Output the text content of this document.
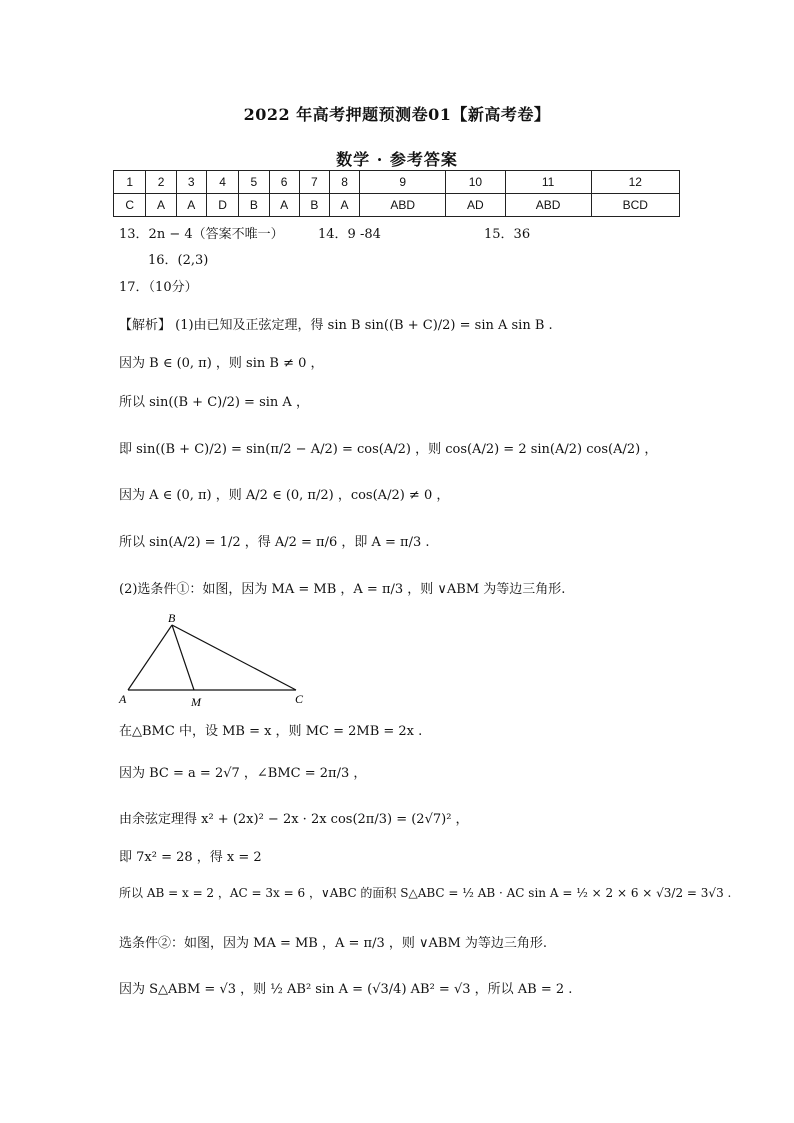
2022 年高考押题预测卷01【新高考卷】
数学 · 参考答案
1	2	3	4	5	6	7	8	9	10	11	12
C	A	A	D	B	A	B	A	ABD	AD	ABD	BCD
13．2n − 4（答案不唯一）	14．9 -84	15．36
16．(2,3)
17．（10分）
【解析】 (1)由已知及正弦定理，得 sin B sin((B + C)/2) = sin A sin B .
因为 B ∈ (0, π) ，则 sin B ≠ 0 ，
所以 sin((B + C)/2) = sin A ，
即 sin((B + C)/2) = sin(π/2 − A/2) = cos(A/2) ，则 cos(A/2) = 2 sin(A/2) cos(A/2) ，
因为 A ∈ (0, π) ，则 A/2 ∈ (0, π/2) ，cos(A/2) ≠ 0 ，
所以 sin(A/2) = 1/2 ，得 A/2 = π/6 ，即 A = π/3 .
(2)选条件①：如图，因为 MA = MB ，A = π/3 ，则 ∨ABM 为等边三角形.
B
A	M	C
在△BMC 中，设 MB = x ，则 MC = 2MB = 2x .
因为 BC = a = 2√7 ，∠BMC = 2π/3 ，
由余弦定理得 x² + (2x)² − 2x · 2x cos(2π/3) = (2√7)² ，
即 7x² = 28 ，得 x = 2
所以 AB = x = 2 ，AC = 3x = 6 ，∨ABC 的面积 S△ABC = ½ AB · AC sin A = ½ × 2 × 6 × √3/2 = 3√3 .
选条件②：如图，因为 MA = MB ，A = π/3 ，则 ∨ABM 为等边三角形.
因为 S△ABM = √3 ，则 ½ AB² sin A = (√3/4) AB² = √3 ，所以 AB = 2 .
